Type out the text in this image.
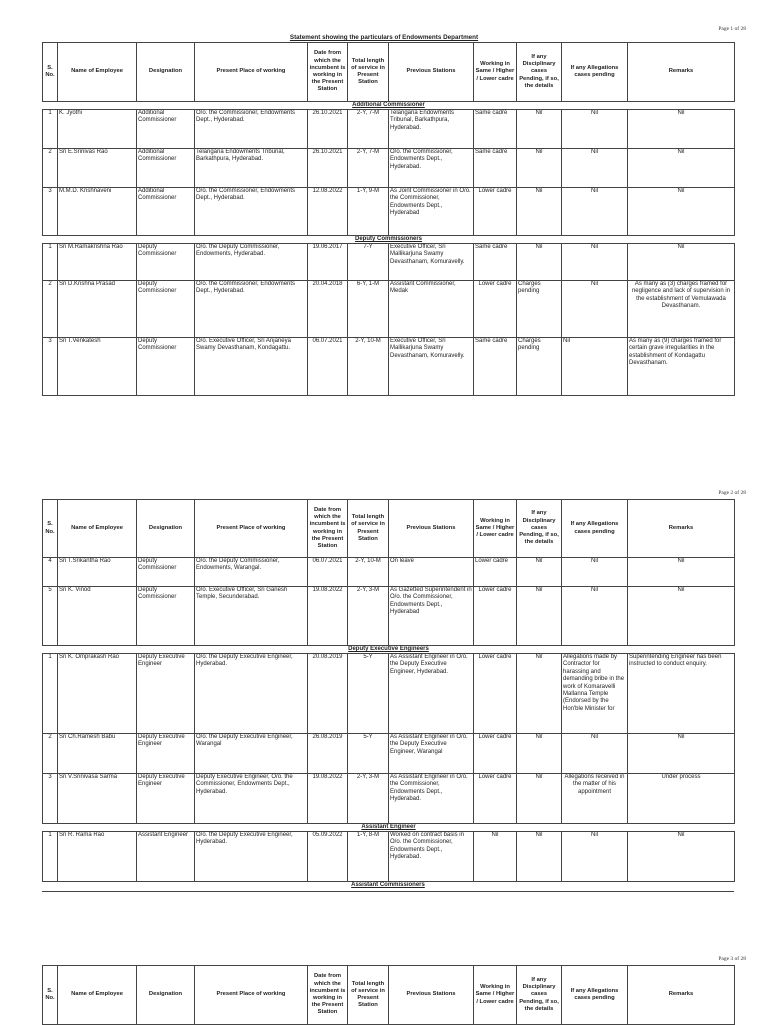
Page 1 of 28
Statement showing the particulars of Endowments Department
S. No.	Name of Employee	Designation	Present Place of working	Date from which the incumbent is working in the Present Station	Total length of service in Present Station	Previous Stations	Working in Same / Higher / Lower cadre	If any Disciplinary cases Pending, if so, the details	If any Allegations cases pending	Remarks
Additional Commissioner										
1	K. Jyothi	Additional Commissioner	O/o. the Commissioner, Endowments Dept., Hyderabad.	26.10.2021	2-Y, 7-M	Telangana Endowments Tribunal, Barkathpura, Hyderabad.	Same cadre	Nil	Nil	Nil
2	Sri E.Srinivas Rao	Additional Commissioner	Telangana Endowments Tribunal, Barkathpura, Hyderabad.	26.10.2021	2-Y, 7-M	O/o. the Commissioner, Endowments Dept., Hyderabad.	Same cadre	Nil	Nil	Nil
3	M.M.D. Krishnaveni	Additional Commissioner	O/o. the Commissioner, Endowments Dept., Hyderabad.	12.08.2022	1-Y, 9-M	As Joint Commissioner in O/o. the Commissioner, Endowments Dept., Hyderabad	Lower cadre	Nil	Nil	Nil
Deputy Commissioners										
1	Sri M.Ramakrishna Rao	Deputy Commissioner	O/o. the Deputy Commissioner, Endowments, Hyderabad.	19.06.2017	7-Y	Executive Officer, Sri Mallikarjuna Swamy Devasthanam, Komuravelly.	Same cadre	Nil	Nil	Nil
2	Sri D.Krishna Prasad	Deputy Commissioner	O/o. the Commissioner, Endowments Dept., Hyderabad.	20.04.2018	6-Y, 1-M	Assistant Commissioner, Medak	Lower cadre	Charges pending	Nil	As many as (3) charges framed for negligence and lack of supervision in the establishment of Vemulawada Devasthanam.
3	Sri T.Venkatesh	Deputy Commissioner	O/o. Executive Officer, Sri Anjaneya Swamy Devasthanam, Kondagattu.	06.07.2021	2-Y, 10-M	Executive Officer, Sri Mallikarjuna Swamy Devasthanam, Komuravelly.	Same cadre	Charges pending	Nil	As many as (9) charges framed for certain grave irregularities in the establishment of Kondagattu Devasthanam.
Page 2 of 28
S. No.	Name of Employee	Designation	Present Place of working	Date from which the incumbent is working in the Present Station	Total length of service in Present Station	Previous Stations	Working in Same / Higher / Lower cadre	If any Disciplinary cases Pending, if so, the details	If any Allegations cases pending	Remarks
4	Sri T.Srikantha Rao	Deputy Commissioner	O/o. the Deputy Commissioner, Endowments, Warangal.	06.07.2021	2-Y, 10-M	On leave	Lower cadre	Nil	Nil	Nil
5	Sri K. Vinod	Deputy Commissioner	O/o. Executive Officer, Sri Ganesh Temple, Secunderabad.	19.08.2022	2-Y, 3-M	As Gazetted Superintendent in O/o. the Commissioner, Endowments Dept., Hyderabad	Lower cadre	Nil	Nil	Nil
Deputy Executive Engineers										
1	Sri K. Omprakash Rao	Deputy Executive Engineer	O/o. the Deputy Executive Engineer, Hyderabad.	20.08.2019	5-Y	As Assistant Engineer in O/o. the Deputy Executive Engineer, Hyderabad.	Lower cadre	Nil	Allegations made by Contractor for harassing and demanding bribe in the work of Komaravelli Mallanna Temple (Endorsed by the Hon'ble Minister for	Superintending Engineer has been instructed to conduct enquiry.
2	Sri Ch.Ramesh Babu	Deputy Executive Engineer	O/o. the Deputy Executive Engineer, Warangal	26.08.2019	5-Y	As Assistant Engineer in O/o. the Deputy Executive Engineer, Warangal	Lower cadre	Nil	Nil	Nil
3	Sri V.Srinivasa Sarma	Deputy Executive Engineer	Deputy Executive Engineer, O/o. the Commissioner, Endowments Dept., Hyderabad.	19.08.2022	2-Y, 3-M	As Assistant Engineer in O/o. the Commissioner, Endowments Dept., Hyderabad.	Lower cadre	Nil	Allegations received in the matter of his appointment	Under process
Assistant Engineer										
1	Sri R. Rama Rao	Assistant Engineer	O/o. the Deputy Executive Engineer, Hyderabad.	05.09.2022	1-Y, 8-M	Worked on contract basis in O/o. the Commissioner, Endowments Dept., Hyderabad.	Nil	Nil	Nil	Nil
Assistant Commissioners
Page 3 of 28
S. No.	Name of Employee	Designation	Present Place of working	Date from which the incumbent is working in the Present Station	Total length of service in Present Station	Previous Stations	Working in Same / Higher / Lower cadre	If any Disciplinary cases Pending, if so, the details	If any Allegations cases pending	Remarks
